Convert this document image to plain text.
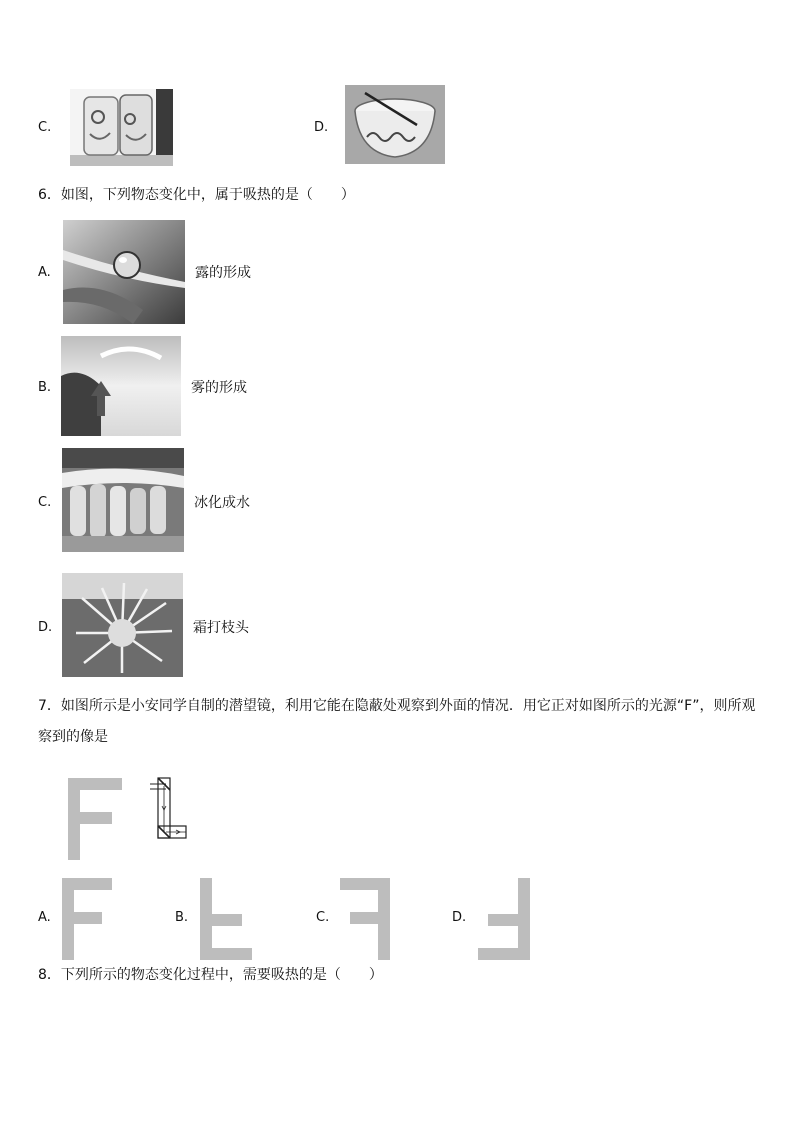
C.	D.
6．如图，下列物态变化中，属于吸热的是（　　）
A.	露的形成
B.	雾的形成
C.	冰化成水
D.	霜打枝头
7．如图所示是小安同学自制的潜望镜，利用它能在隐蔽处观察到外面的情况．用它正对如图所示的光源“F”，则所观
察到的像是
A.	B.	C.	D.
8．下列所示的物态变化过程中，需要吸热的是（　　）
